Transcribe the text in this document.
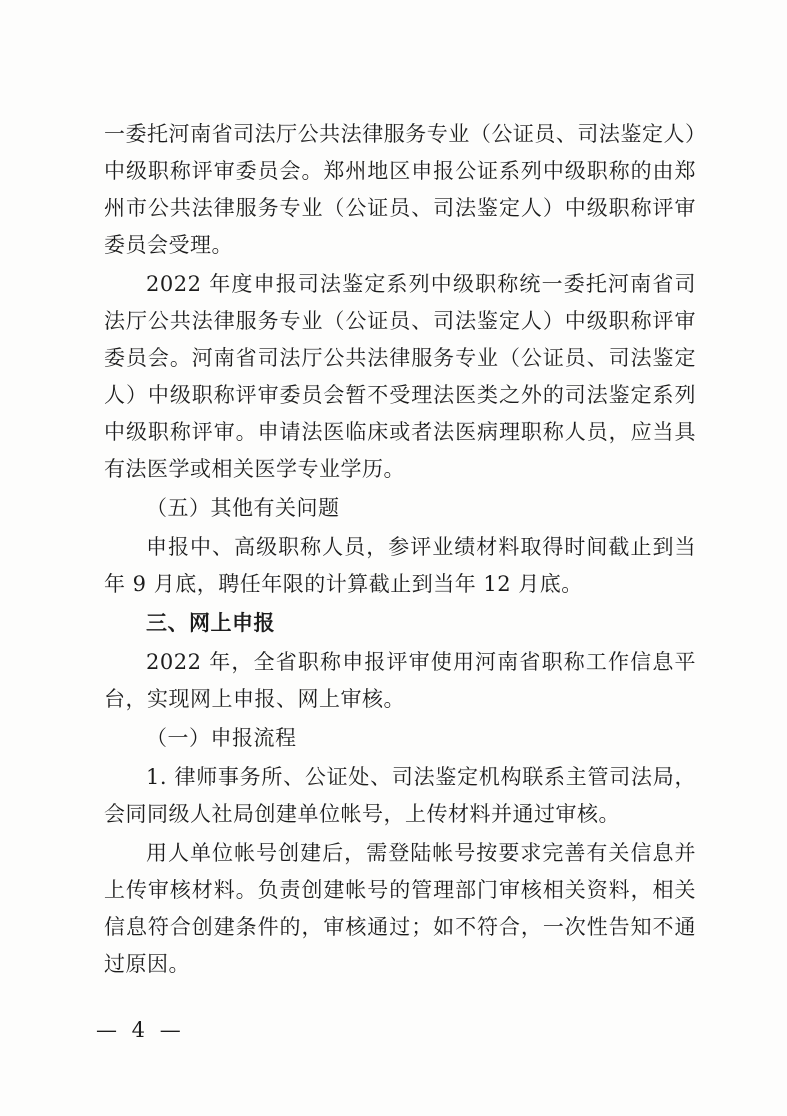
一委托河南省司法厅公共法律服务专业（公证员、司法鉴定人）中级职称评审委员会。郑州地区申报公证系列中级职称的由郑州市公共法律服务专业（公证员、司法鉴定人）中级职称评审委员会受理。

2022 年度申报司法鉴定系列中级职称统一委托河南省司法厅公共法律服务专业（公证员、司法鉴定人）中级职称评审委员会。河南省司法厅公共法律服务专业（公证员、司法鉴定人）中级职称评审委员会暂不受理法医类之外的司法鉴定系列中级职称评审。申请法医临床或者法医病理职称人员，应当具有法医学或相关医学专业学历。

（五）其他有关问题

申报中、高级职称人员，参评业绩材料取得时间截止到当年 9 月底，聘任年限的计算截止到当年 12 月底。

三、网上申报

2022 年，全省职称申报评审使用河南省职称工作信息平台，实现网上申报、网上审核。

（一）申报流程

1. 律师事务所、公证处、司法鉴定机构联系主管司法局，会同同级人社局创建单位帐号，上传材料并通过审核。

用人单位帐号创建后，需登陆帐号按要求完善有关信息并上传审核材料。负责创建帐号的管理部门审核相关资料，相关信息符合创建条件的，审核通过；如不符合，一次性告知不通过原因。

— 4 —
